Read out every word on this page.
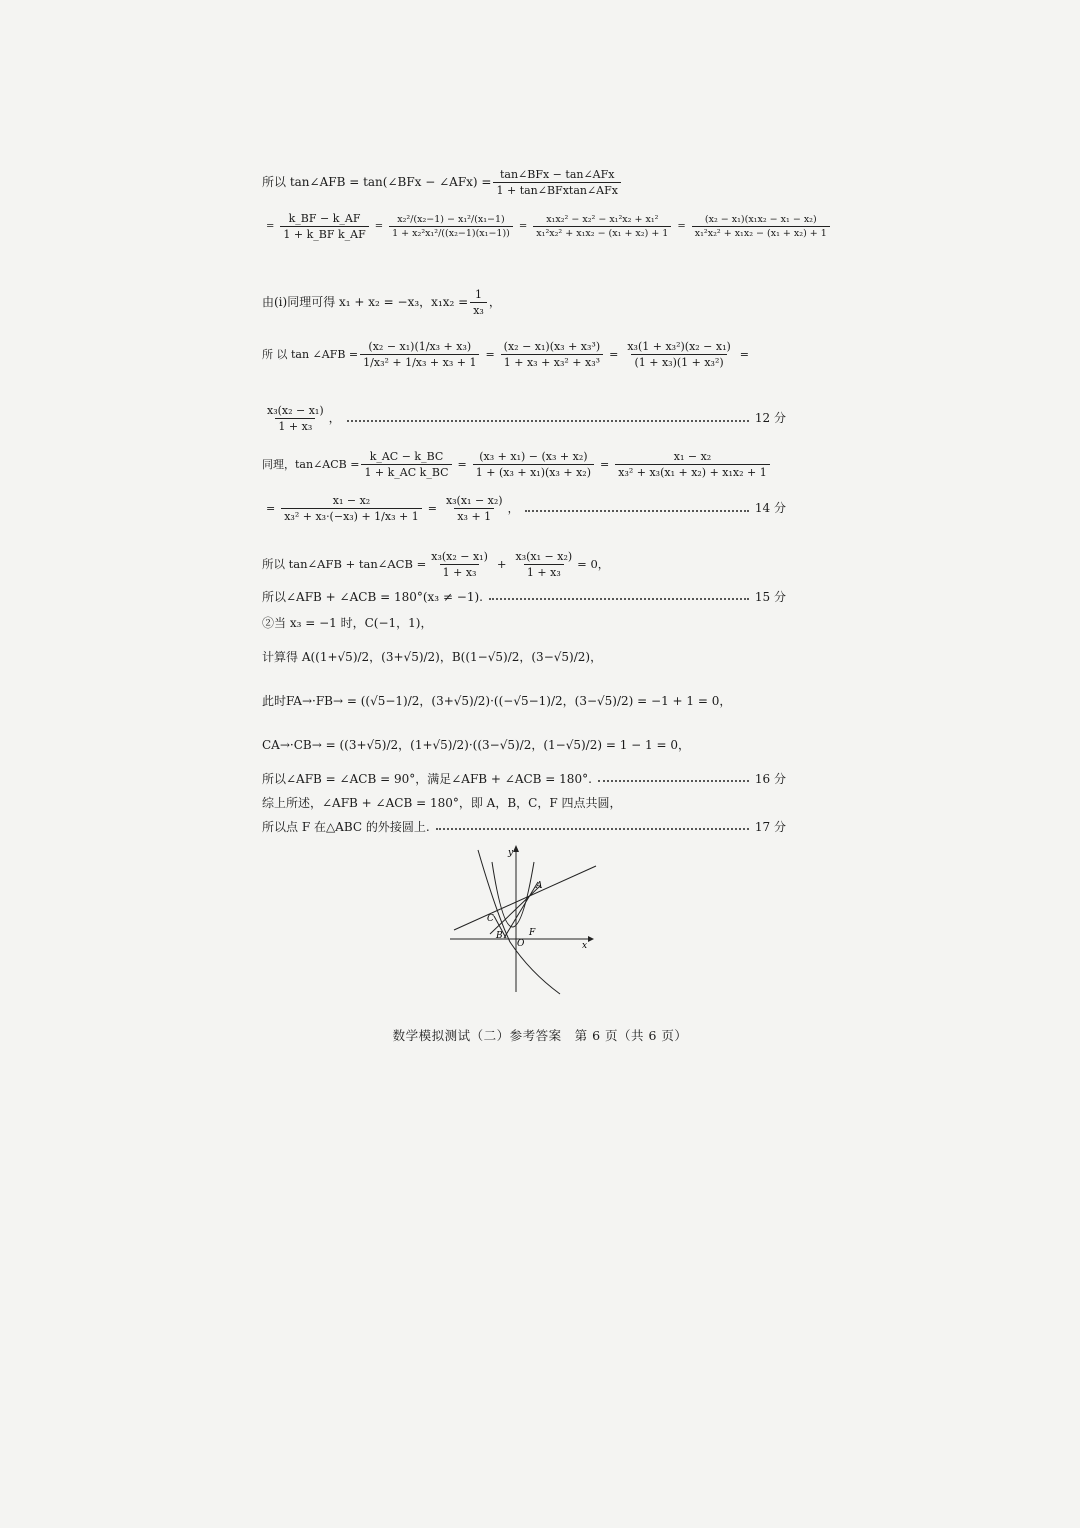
所以 tan∠AFB = tan(∠BFx − ∠AFx) = $\frac{\text{tan∠BFx − tan∠AFx}}{\text{1 + tan∠BFxtan∠AFx}}$
= $\frac{k\_BF - k\_AF}{\text{1 + k\_BF k\_AF}} = \frac{\text{x₂²/(x₂−1) − x₁²/(x₁−1)}}{\text{1 + x₂²x₁²/((x₂−1)(x₁−1))}} = \frac{\text{x₁x₂² − x₂² − x₁²x₂ + x₁²}}{\text{x₁²x₂² + x₁x₂ − (x₁ + x₂) + 1}} = \frac{\text{(x₂ − x₁)(x₁x₂ − x₁ − x₂)}}{\text{x₁²x₂² + x₁x₂ − (x₁ + x₂) + 1}}$
由(i)同理可得 x₁ + x₂ = −x₃，$x_1x_2 = \frac{1}{\text{x₃}}$ ，
所 以 tan ∠AFB = $\frac{\text{(x₂ − x₁)(1/x₃ + x₃)}}{\text{1/x₃² + 1/x₃ + x₃ + 1}} = \frac{\text{(x₂ − x₁)(x₃ + x₃³)}}{\text{1 + x₃ + x₃² + x₃³}} = \frac{\text{x₃(1 + x₃²)(x₂ − x₁)}}{\text{(1 + x₃)(1 + x₃²)}}$ =
$\frac{\text{x₃(x₂ − x₁)}}{\text{1 + x₃}}$ ，	12 分
同理，tan∠ACB = $\frac{k\_AC - k\_BC}{\text{1 + k\_AC k\_BC}} = \frac{\text{(x₃ + x₁) − (x₃ + x₂)}}{\text{1 + (x₃ + x₁)(x₃ + x₂)}} = \frac{\text{x₁ − x₂}}{\text{x₃² + x₃(x₁ + x₂) + x₁x₂ + 1}}$
= $\frac{\text{x₁ − x₂}}{\text{x₃² + x₃·(−x₃) + 1/x₃ + 1}} = \frac{\text{x₃(x₁ − x₂)}}{\text{x₃ + 1}}$ ，	14 分
所以 tan∠AFB + tan∠ACB = $\frac{\text{x₃(x₂ − x₁)}}{\text{1 + x₃}} + \frac{\text{x₃(x₁ − x₂)}}{\text{1 + x₃}} = 0$，
所以∠AFB + ∠ACB = 180°(x₃ ≠ −1).	15 分
②当 x₃ = −1 时，C(−1，1)，
计算得 A((1+√5)/2，(3+√5)/2)，B((1−√5)/2，(3−√5)/2)，
此时FA→·FB→ = ((√5−1)/2，(3+√5)/2)·((−√5−1)/2，(3−√5)/2) = −1 + 1 = 0，
CA→·CB→ = ((3+√5)/2，(1+√5)/2)·((3−√5)/2，(1−√5)/2) = 1 − 1 = 0，
所以∠AFB = ∠ACB = 90°，满足∠AFB + ∠ACB = 180°.	16 分
综上所述，∠AFB + ∠ACB = 180°，即 A，B，C，F 四点共圆，
所以点 F 在△ABC 的外接圆上.	17 分
y
x
A
B
C
F
O
数学模拟测试（二）参考答案　第 6 页（共 6 页）
